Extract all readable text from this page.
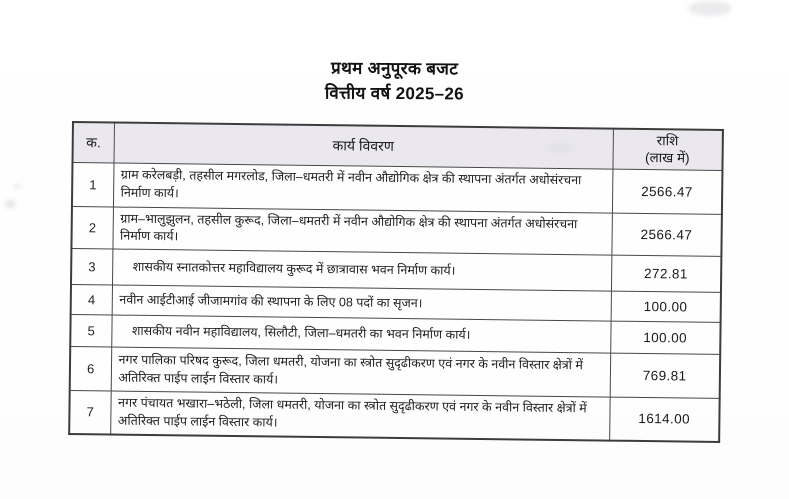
प्रथम अनुपूरक बजट
वित्तीय वर्ष 2025–26
क.	कार्य विवरण	राशि
(लाख में)

1	ग्राम करेलबड़ी, तहसील मगरलोड, जिला–धमतरी में नवीन औद्योगिक क्षेत्र की स्थापना अंतर्गत अधोसंरचना निर्माण कार्य।	2566.47
2	ग्राम–भालुझुलन, तहसील कुरूद, जिला–धमतरी में नवीन औद्योगिक क्षेत्र की स्थापना अंतर्गत अधोसंरचना निर्माण कार्य।	2566.47
3	शासकीय स्नातकोत्तर महाविद्यालय कुरूद में छात्रावास भवन निर्माण कार्य।	272.81
4	नवीन आईटीआई जीजामगांव की स्थापना के लिए 08 पदों का सृजन।	100.00
5	शासकीय नवीन महाविद्यालय, सिलौटी, जिला–धमतरी का भवन निर्माण कार्य।	100.00
6	नगर पालिका परिषद कुरूद, जिला धमतरी, योजना का स्त्रोत सुदृढीकरण एवं नगर के नवीन विस्तार क्षेत्रों में अतिरिक्त पाईप लाईन विस्तार कार्य।	769.81
7	नगर पंचायत भखारा–भठेली, जिला धमतरी, योजना का स्त्रोत सुदृढीकरण एवं नगर के नवीन विस्तार क्षेत्रों में अतिरिक्त पाईप लाईन विस्तार कार्य।	1614.00
